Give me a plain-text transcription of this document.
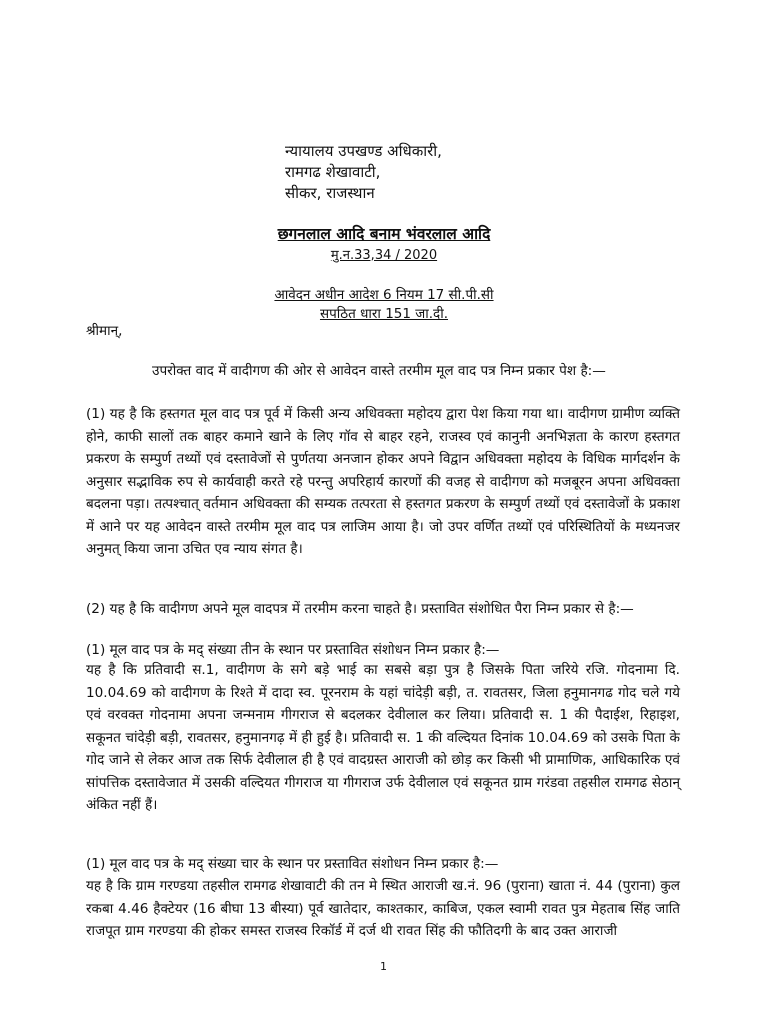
न्यायालय उपखण्ड अधिकारी,
रामगढ शेखावाटी,
सीकर, राजस्थान
छगनलाल आदि बनाम भंवरलाल आदि
मु.न.33,34 / 2020
आवेदन अधीन आदेश 6 नियम 17 सी.पी.सी
सपठित धारा 151 जा.दी.
श्रीमान्,
उपरोक्त वाद में वादीगण की ओर से आवेदन वास्ते तरमीम मूल वाद पत्र निम्न प्रकार पेश है:—
(1) यह है कि हस्तगत मूल वाद पत्र पूर्व में किसी अन्य अधिवक्ता महोदय द्वारा पेश किया गया था। वादीगण ग्रामीण व्यक्ति होने, काफी सालों तक बाहर कमाने खाने के लिए गॉव से बाहर रहने, राजस्व एवं कानुनी अनभिज्ञता के कारण हस्तगत प्रकरण के सम्पुर्ण तथ्यों एवं दस्तावेजों से पुर्णतया अनजान होकर अपने विद्वान अधिवक्ता महोदय के विधिक मार्गदर्शन के अनुसार सद्भाविक रुप से कार्यवाही करते रहे परन्तु अपरिहार्य कारणों की वजह से वादीगण को मजबूरन अपना अधिवक्ता बदलना पड़ा। तत्पश्चात् वर्तमान अधिवक्ता की सम्यक तत्परता से हस्तगत प्रकरण के सम्पुर्ण तथ्यों एवं दस्तावेजों के प्रकाश में आने पर यह आवेदन वास्ते तरमीम मूल वाद पत्र लाजिम आया है। जो उपर वर्णित तथ्यों एवं परिस्थितियों के मध्यनजर अनुमत् किया जाना उचित एव न्याय संगत है।
(2) यह है कि वादीगण अपने मूल वादपत्र में तरमीम करना चाहते है। प्रस्तावित संशोधित पैरा निम्न प्रकार से है:—
(1) मूल वाद पत्र के मद् संख्या तीन के स्थान पर प्रस्तावित संशोधन निम्न प्रकार है:—
यह है कि प्रतिवादी स.1, वादीगण के सगे बड़े भाई का सबसे बड़ा पुत्र है जिसके पिता जरिये रजि. गोदनामा दि. 10.04.69 को वादीगण के रिश्ते में दादा स्व. पूरनराम के यहां चांदेड़ी बड़ी, त. रावतसर, जिला हनुमानगढ गोद चले गये एवं वरवक्त गोदनामा अपना जन्मनाम गीगराज से बदलकर देवीलाल कर लिया। प्रतिवादी स. 1 की पैदाईश, रिहाइश, सकूनत चांदेड़ी बड़ी, रावतसर, हनुमानगढ़ में ही हुई है। प्रतिवादी स. 1 की वल्दियत दिनांक 10.04.69 को उसके पिता के गोद जाने से लेकर आज तक सिर्फ देवीलाल ही है एवं वादग्रस्त आराजी को छोड़ कर किसी भी प्रामाणिक, आधिकारिक एवं सांपत्तिक दस्तावेजात में उसकी वल्दियत गीगराज या गीगराज उर्फ देवीलाल एवं सकूनत ग्राम गरंडवा तहसील रामगढ सेठान् अंकित नहीं हैं।
(1) मूल वाद पत्र के मद् संख्या चार के स्थान पर प्रस्तावित संशोधन निम्न प्रकार है:—
यह है कि ग्राम गरण्डया तहसील रामगढ शेखावाटी की तन मे स्थित आराजी ख.नं. 96 (पुराना) खाता नं. 44 (पुराना) कुल रकबा 4.46 हैक्टेयर (16 बीघा 13 बीस्या) पूर्व खातेदार, काश्तकार, काबिज, एकल स्वामी रावत पुत्र मेहताब सिंह जाति राजपूत ग्राम गरण्डया की होकर समस्त राजस्व रिकॉर्ड में दर्ज थी रावत सिंह की फौतिदगी के बाद उक्त आराजी
1
